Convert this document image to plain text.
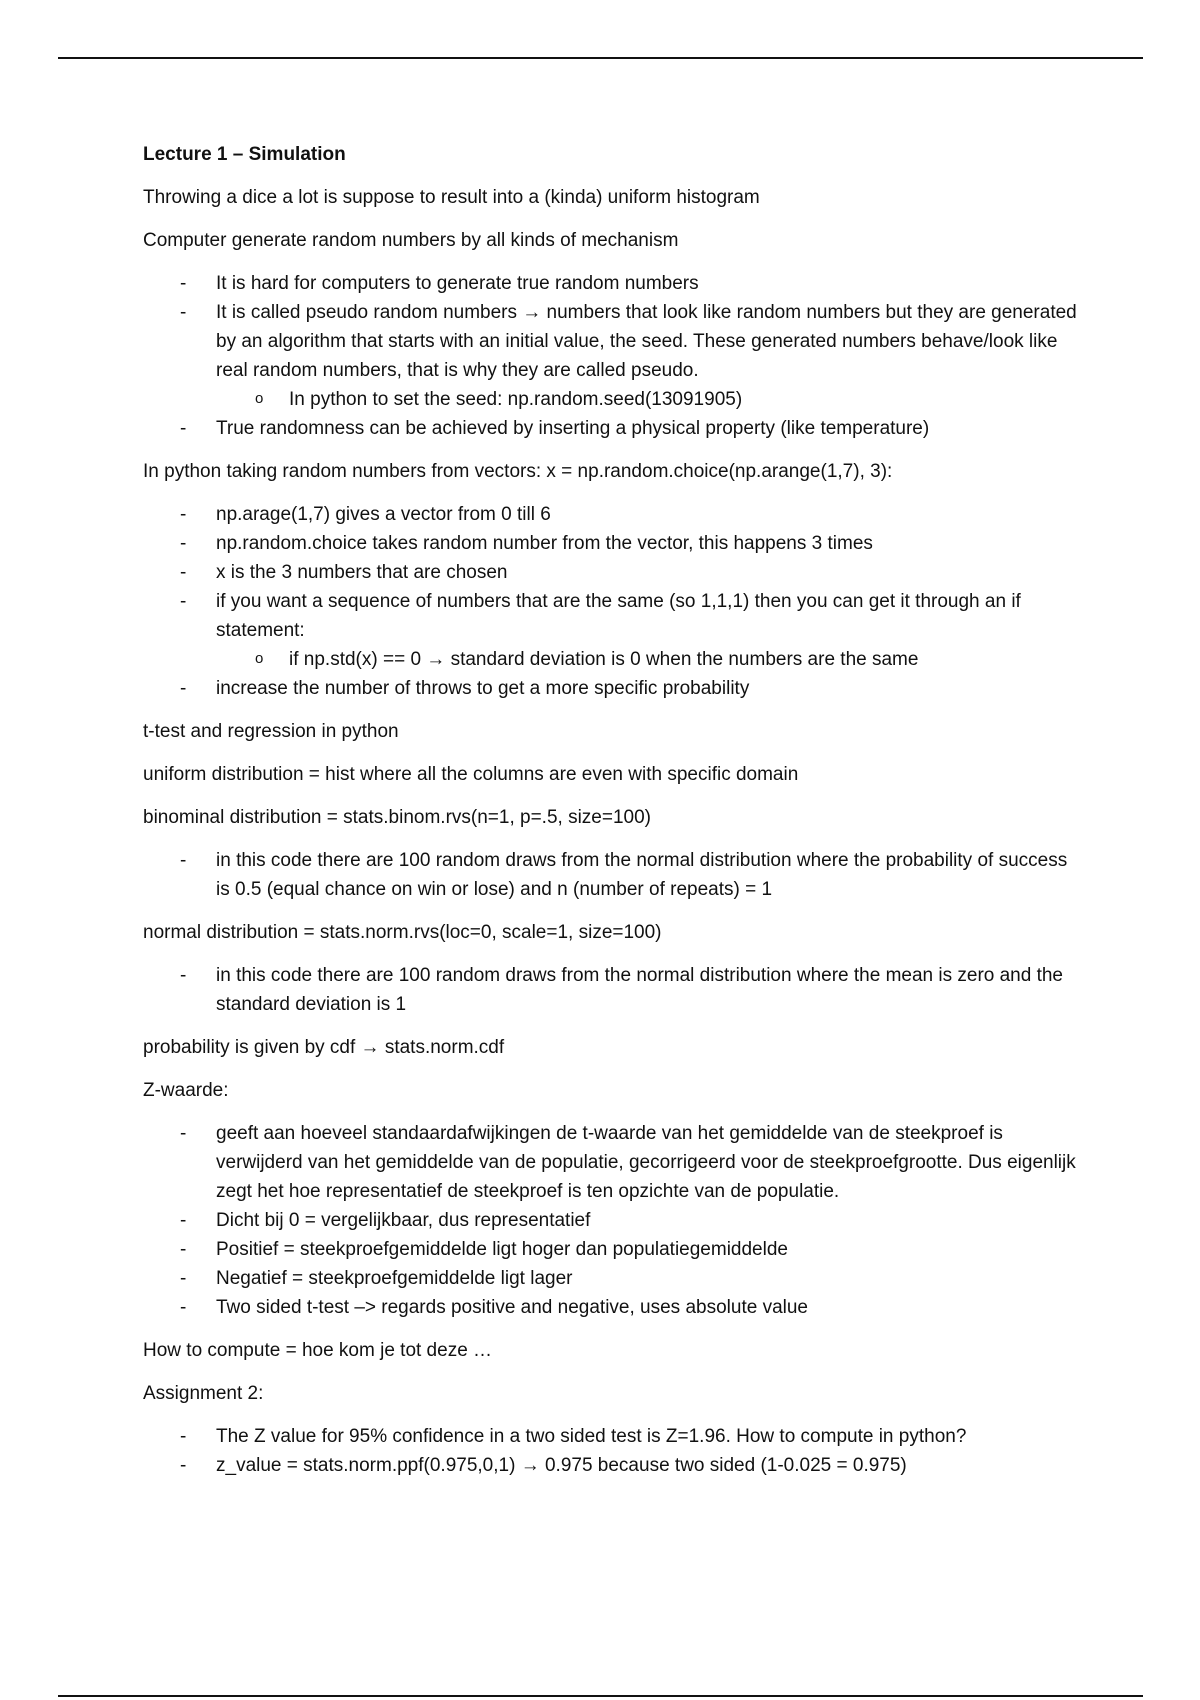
Lecture 1 – Simulation
Throwing a dice a lot is suppose to result into a (kinda) uniform histogram
Computer generate random numbers by all kinds of mechanism
- It is hard for computers to generate true random numbers
- It is called pseudo random numbers → numbers that look like random numbers but they are generated by an algorithm that starts with an initial value, the seed. These generated numbers behave/look like real random numbers, that is why they are called pseudo.
o In python to set the seed: np.random.seed(13091905)
- True randomness can be achieved by inserting a physical property (like temperature)
In python taking random numbers from vectors: x = np.random.choice(np.arange(1,7), 3):
- np.arage(1,7) gives a vector from 0 till 6
- np.random.choice takes random number from the vector, this happens 3 times
- x is the 3 numbers that are chosen
- if you want a sequence of numbers that are the same (so 1,1,1) then you can get it through an if statement:
o if np.std(x) == 0 → standard deviation is 0 when the numbers are the same
- increase the number of throws to get a more specific probability
t-test and regression in python
uniform distribution = hist where all the columns are even with specific domain
binominal distribution = stats.binom.rvs(n=1, p=.5, size=100)
- in this code there are 100 random draws from the normal distribution where the probability of success is 0.5 (equal chance on win or lose) and n (number of repeats) = 1
normal distribution = stats.norm.rvs(loc=0, scale=1, size=100)
- in this code there are 100 random draws from the normal distribution where the mean is zero and the standard deviation is 1
probability is given by cdf → stats.norm.cdf
Z-waarde:
- geeft aan hoeveel standaardafwijkingen de t-waarde van het gemiddelde van de steekproef is verwijderd van het gemiddelde van de populatie, gecorrigeerd voor de steekproefgrootte. Dus eigenlijk zegt het hoe representatief de steekproef is ten opzichte van de populatie.
- Dicht bij 0 = vergelijkbaar, dus representatief
- Positief = steekproefgemiddelde ligt hoger dan populatiegemiddelde
- Negatief = steekproefgemiddelde ligt lager
- Two sided t-test –> regards positive and negative, uses absolute value
How to compute = hoe kom je tot deze …
Assignment 2:
- The Z value for 95% confidence in a two sided test is Z=1.96. How to compute in python?
- z_value = stats.norm.ppf(0.975,0,1) → 0.975 because two sided (1-0.025 = 0.975)
